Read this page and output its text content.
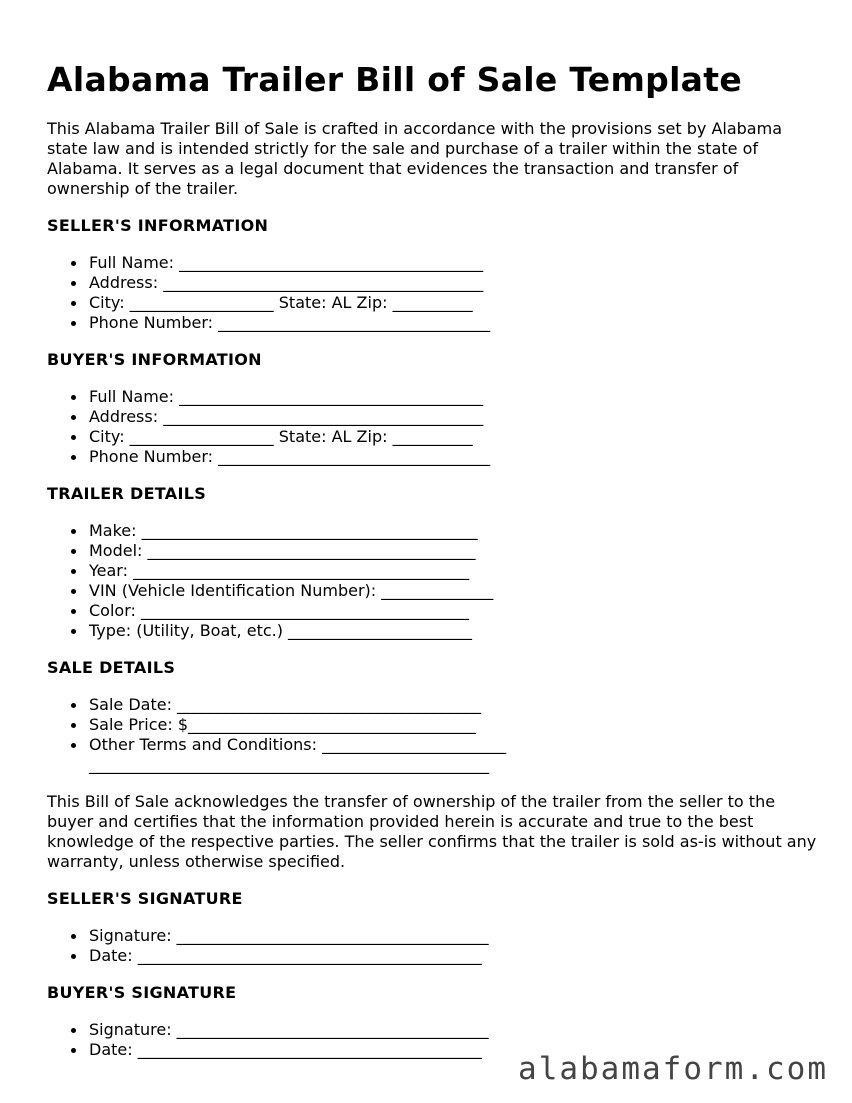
Alabama Trailer Bill of Sale Template

This Alabama Trailer Bill of Sale is crafted in accordance with the provisions set by Alabama state law and is intended strictly for the sale and purchase of a trailer within the state of Alabama. It serves as a legal document that evidences the transaction and transfer of ownership of the trailer.

SELLER'S INFORMATION
Full Name: ______________________________________
Address: ________________________________________
City: __________________ State: AL Zip: __________
Phone Number: __________________________________
BUYER'S INFORMATION
Full Name: ______________________________________
Address: ________________________________________
City: __________________ State: AL Zip: __________
Phone Number: __________________________________
TRAILER DETAILS
Make: __________________________________________
Model: _________________________________________
Year: __________________________________________
VIN (Vehicle Identification Number): ______________
Color: _________________________________________
Type: (Utility, Boat, etc.) _______________________
SALE DETAILS
Sale Date: ______________________________________
Sale Price: $____________________________________
Other Terms and Conditions: _______________________
__________________________________________________

This Bill of Sale acknowledges the transfer of ownership of the trailer from the seller to the buyer and certifies that the information provided herein is accurate and true to the best knowledge of the respective parties. The seller confirms that the trailer is sold as-is without any warranty, unless otherwise specified.

SELLER'S SIGNATURE
Signature: _______________________________________
Date: ___________________________________________
BUYER'S SIGNATURE
Signature: _______________________________________
Date: ___________________________________________
alabamaform.com
